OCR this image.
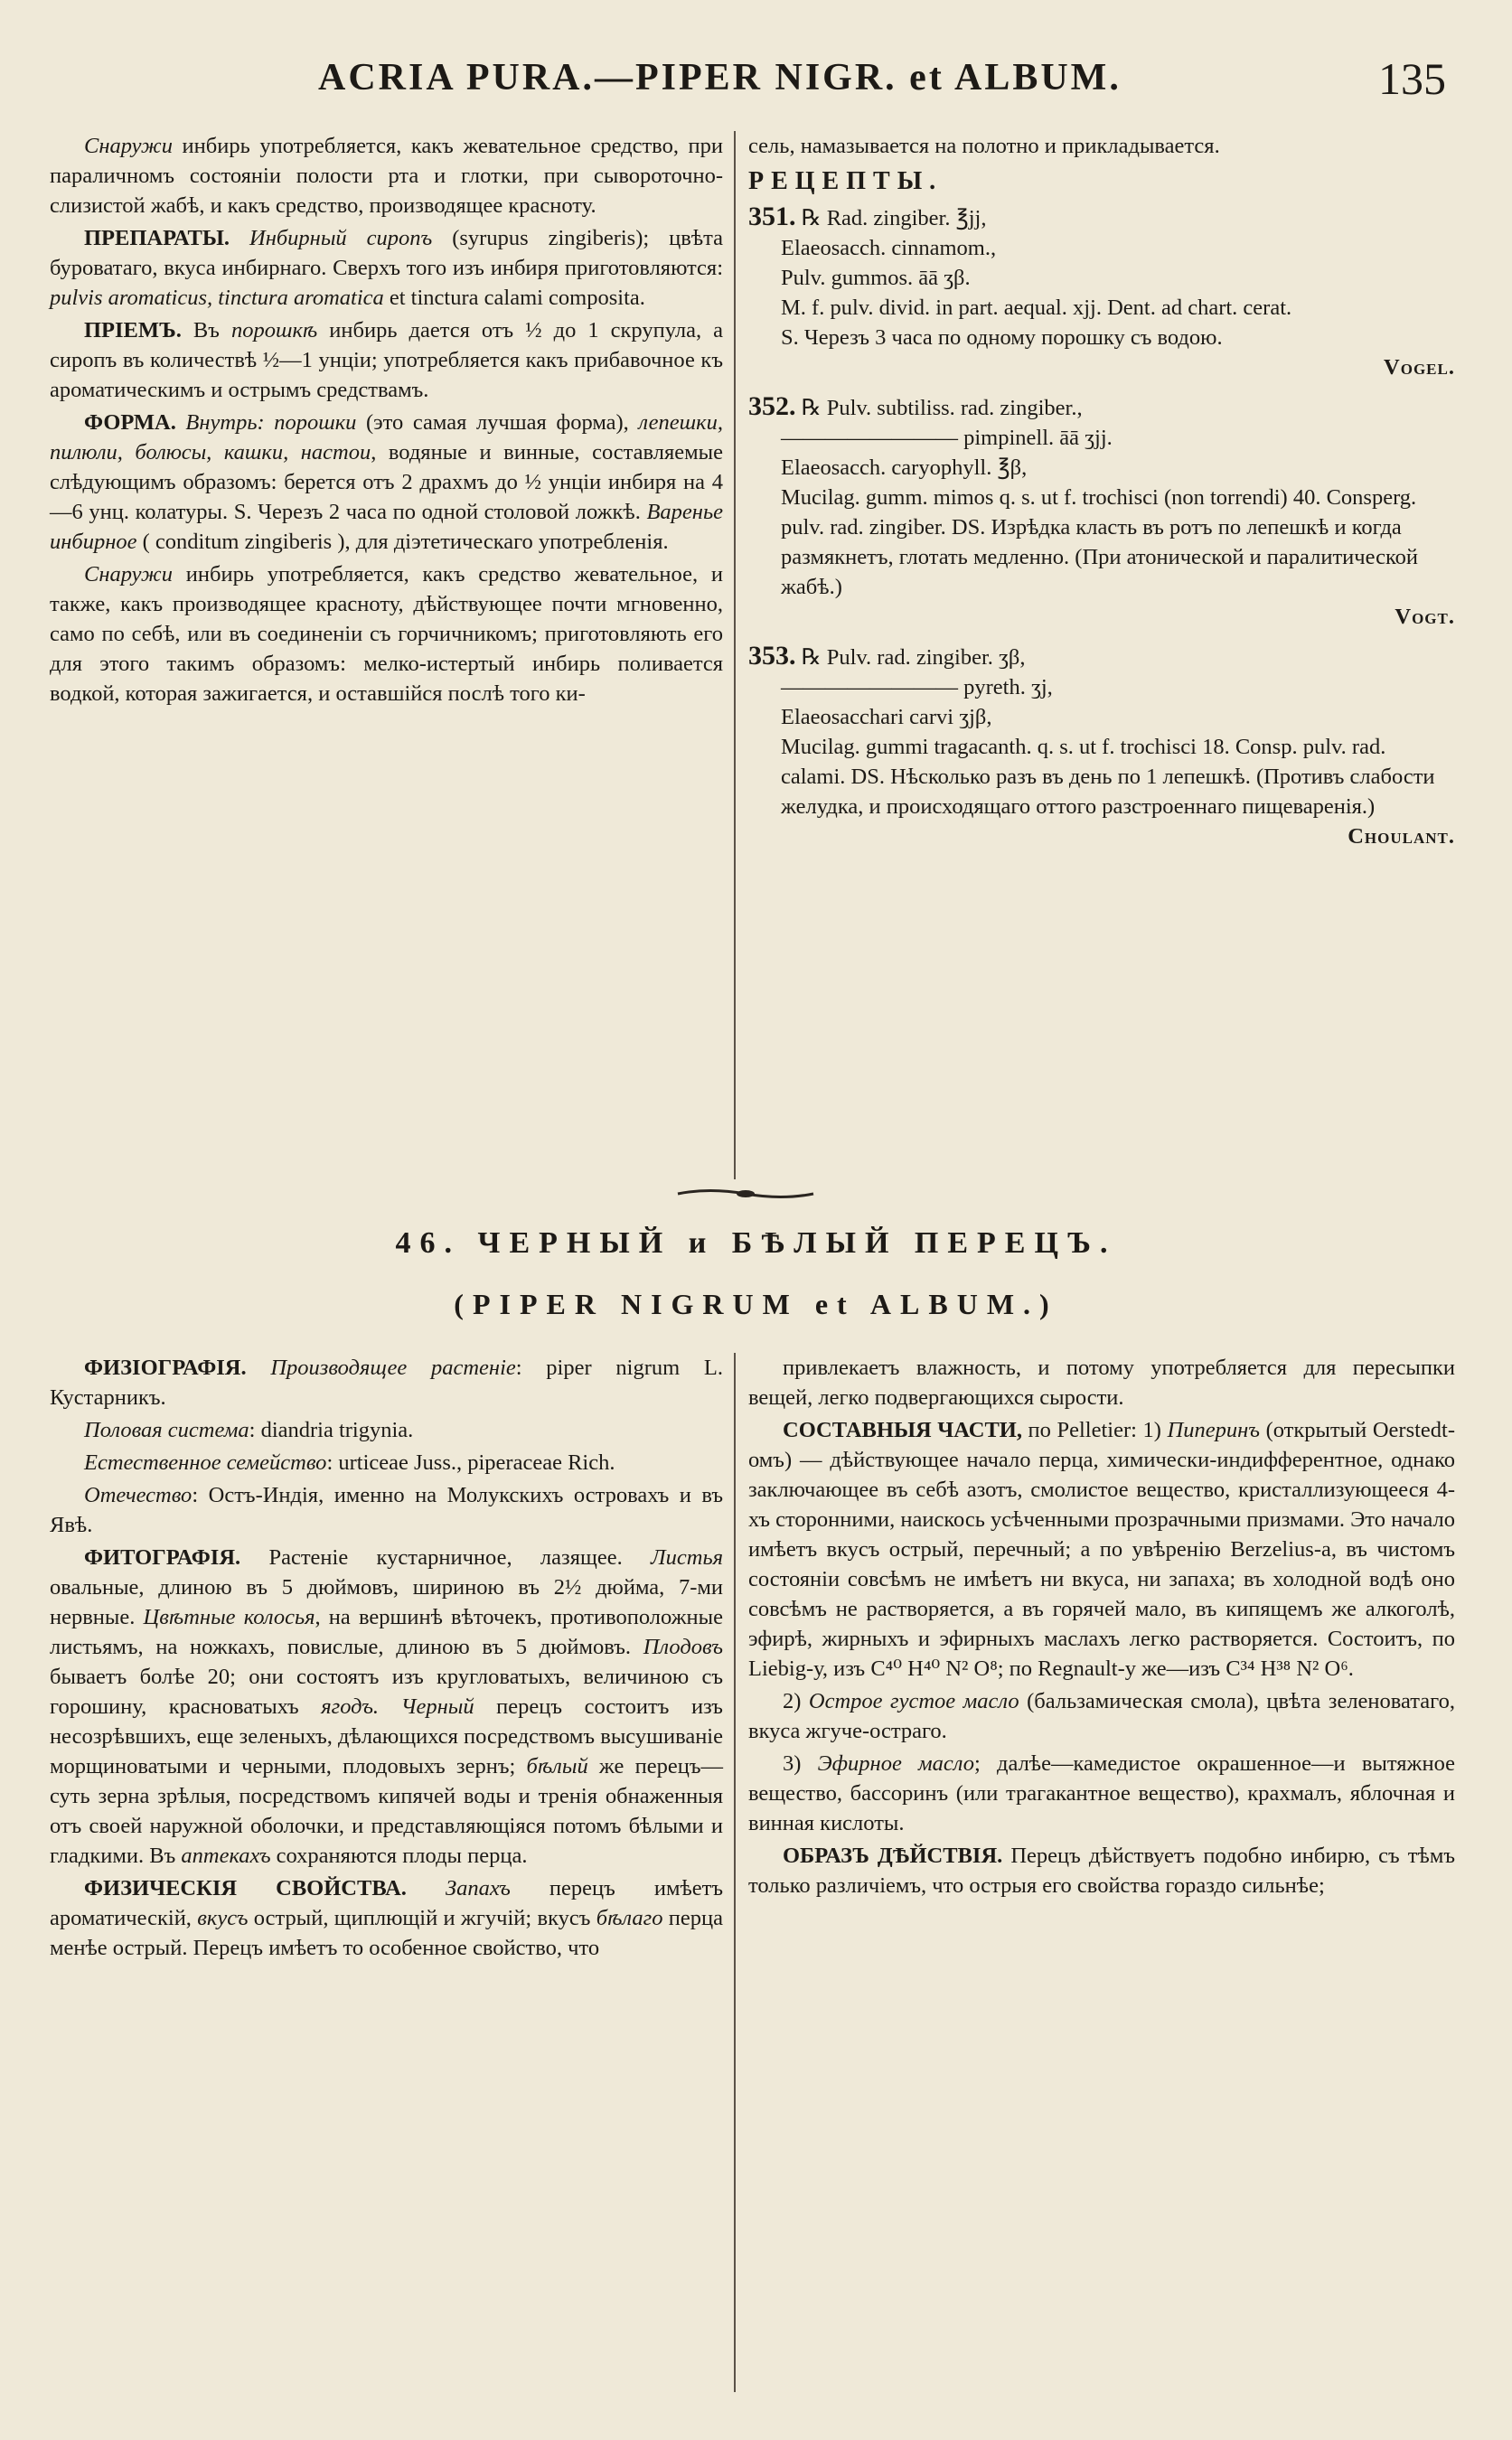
ACRIA PURA.—PIPER NIGR. et ALBUM.	135

Снаружи инбирь употребляется, какъ жевательное средство, при параличномъ состоянiи полости рта и глотки, при сывороточно-слизистой жабѣ, и какъ средство, производящее красноту.

ПРЕПАРАТЫ. Инбирный сиропъ (syrupus zingiberis); цвѣта буроватаго, вкуса инбирнаго. Сверхъ того изъ инбиря приготовляются: pulvis aromaticus, tinctura aromatica et tinctura calami composita.

ПРIЕМЪ. Въ порошкѣ инбирь дается отъ ½ до 1 скрупула, а сиропъ въ количествѣ ½—1 унцiи; употребляется какъ прибавочное къ ароматическимъ и острымъ средствамъ.

ФОРМА. Внутрь: порошки (это самая лучшая форма), лепешки, пилюли, болюсы, кашки, настои, водяные и винные, составляемые слѣдующимъ образомъ: берется отъ 2 драхмъ до ½ унцiи инбиря на 4—6 унц. колатуры. S. Черезъ 2 часа по одной столовой ложкѣ. Варенье инбирное ( conditum zingiberis ), для дiэтетическаго употребленiя.

Снаружи инбирь употребляется, какъ средство жевательное, и также, какъ производящее красноту, дѣйствующее почти мгновенно, само по себѣ, или въ соединенiи съ горчичникомъ; приготовляють его для этого такимъ образомъ: мелко-истертый инбирь поливается водкой, которая зажигается, и оставшiйся послѣ того ки-

сель, намазывается на полотно и прикладывается.

РЕЦЕПТЫ.

351. ℞ Rad. zingiber. ℥jj,

Elaeosacch. cinnamom.,

Pulv. gummos. āā ʒβ.

M. f. pulv. divid. in part. aequal. xjj. Dent. ad chart. cerat.

S. Черезъ 3 часа по одному порошку съ водою.

Vogel.

352. ℞ Pulv. subtiliss. rad. zingiber.,

———————— pimpinell. āā ʒjj.

Elaeosacch. caryophyll. ℥β,

Mucilag. gumm. mimos q. s. ut f. trochisci (non torrendi) 40. Consperg. pulv. rad. zingiber. DS. Изрѣдка класть въ ротъ по лепешкѣ и когда размякнетъ, глотать медленно. (При атонической и паралитической жабѣ.)

Vogt.

353. ℞ Pulv. rad. zingiber. ʒβ,

———————— pyreth. ʒj,

Elaeosacchari carvi ʒjβ,

Mucilag. gummi tragacanth. q. s. ut f. trochisci 18. Consp. pulv. rad. calami. DS. Нѣсколько разъ въ день по 1 лепешкѣ. (Противъ слабости желудка, и происходящаго оттого разстроеннаго пищеваренiя.)

Choulant.

46. ЧЕРНЫЙ и БѢЛЫЙ ПЕРЕЦЪ.
(PIPER NIGRUM et ALBUM.)

ФИЗIОГРАФIЯ. Производящее растенiе: piper nigrum L. Кустарникъ.

Половая система: diandria trigynia.

Естественное семейство: urticeae Juss., piperaceae Rich.

Отечество: Остъ-Индiя, именно на Молукскихъ островахъ и въ Явѣ.

ФИТОГРАФIЯ. Растенiе кустарничное, лазящее. Листья овальные, длиною въ 5 дюймовъ, шириною въ 2½ дюйма, 7-ми нервные. Цвѣтные колосья, на вершинѣ вѣточекъ, противоположные листьямъ, на ножкахъ, повислые, длиною въ 5 дюймовъ. Плодовъ бываетъ болѣе 20; они состоятъ изъ кругловатыхъ, величиною съ горошину, красноватыхъ ягодъ. Черный перецъ состоитъ изъ несозрѣвшихъ, еще зеленыхъ, дѣлающихся посредствомъ высушиванiе морщиноватыми и черными, плодовыхъ зернъ; бѣлый же перецъ—суть зерна зрѣлыя, посредствомъ кипячей воды и тренiя обнаженныя отъ своей наружной оболочки, и представляющiяся потомъ бѣлыми и гладкими. Въ аптекахъ сохраняются плоды перца.

ФИЗИЧЕСКIЯ СВОЙСТВА. Запахъ перецъ имѣетъ ароматическiй, вкусъ острый, щиплющiй и жгучiй; вкусъ бѣлаго перца менѣе острый. Перецъ имѣетъ то особенное свойство, что

привлекаетъ влажность, и потому употребляется для пересыпки вещей, легко подвергающихся сырости.

СОСТАВНЫЯ ЧАСТИ, по Pelletier: 1) Пиперинъ (открытый Oerstedt-омъ) — дѣйствующее начало перца, химически-индифферентное, однако заключающее въ себѣ азотъ, смолистое вещество, кристаллизующееся 4-хъ сторонними, наискось усѣченными прозрачными призмами. Это начало имѣетъ вкусъ острый, перечный; а по увѣренiю Berzelius-а, въ чистомъ состоянiи совсѣмъ не имѣетъ ни вкуса, ни запаха; въ холодной водѣ оно совсѣмъ не растворяется, а въ горячей мало, въ кипящемъ же алкоголѣ, эфирѣ, жирныхъ и эфирныхъ маслахъ легко растворяется. Состоитъ, по Liebig-у, изъ C⁴⁰ H⁴⁰ N² O⁸; по Regnault-у же—изъ C³⁴ H³⁸ N² O⁶.

2) Острое густое масло (бальзамическая смола), цвѣта зеленоватаго, вкуса жгуче-остраго.

3) Эфирное масло; далѣе—камедистое окрашенное—и вытяжное вещество, бассоринъ (или трагакантное вещество), крахмалъ, яблочная и винная кислоты.

ОБРАЗЪ ДѢЙСТВIЯ. Перецъ дѣйствуетъ подобно инбирю, съ тѣмъ только различiемъ, что острыя его свойства гораздо сильнѣе;
